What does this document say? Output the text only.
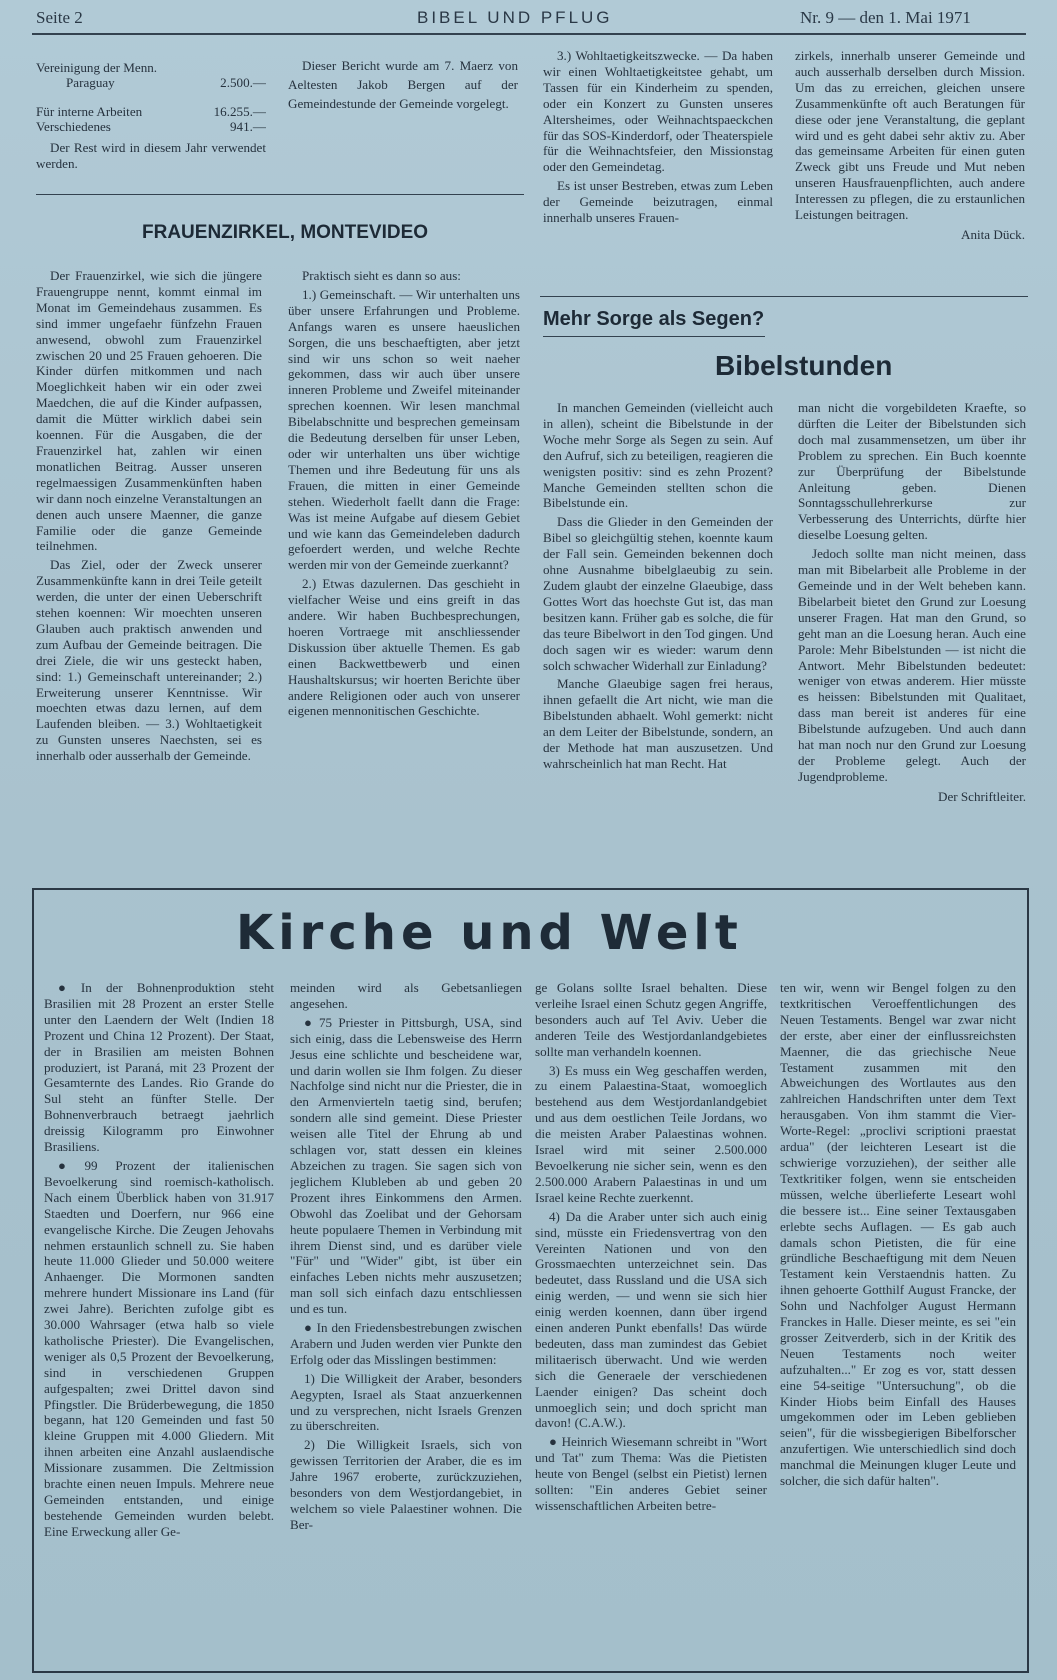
Seite 2	BIBEL UND PFLUG	Nr. 9 — den 1. Mai 1971
Vereinigung der Menn.
Paraguay	2.500.—
Für interne Arbeiten	16.255.—
Verschiedenes	941.—

Der Rest wird in diesem Jahr verwendet werden.

Dieser Bericht wurde am 7. Maerz von Aeltesten Jakob Bergen auf der Gemeindestunde der Gemeinde vorgelegt.

3.) Wohltaetigkeitszwecke. — Da haben wir einen Wohltaetigkeitstee gehabt, um Tassen für ein Kinderheim zu spenden, oder ein Konzert zu Gunsten unseres Altersheimes, oder Weihnachtspaeckchen für das SOS-Kinderdorf, oder Theaterspiele für die Weihnachtsfeier, den Missionstag oder den Gemeindetag.

Es ist unser Bestreben, etwas zum Leben der Gemeinde beizutragen, einmal innerhalb unseres Frauen-

zirkels, innerhalb unserer Gemeinde und auch ausserhalb derselben durch Mission. Um das zu erreichen, gleichen unsere Zusammenkünfte oft auch Beratungen für diese oder jene Veranstaltung, die geplant wird und es geht dabei sehr aktiv zu. Aber das gemeinsame Arbeiten für einen guten Zweck gibt uns Freude und Mut neben unseren Hausfrauenpflichten, auch andere Interessen zu pflegen, die zu erstaunlichen Leistungen beitragen.

Anita Dück.

FRAUENZIRKEL, MONTEVIDEO

Der Frauenzirkel, wie sich die jüngere Frauengruppe nennt, kommt einmal im Monat im Gemeindehaus zusammen. Es sind immer ungefaehr fünfzehn Frauen anwesend, obwohl zum Frauenzirkel zwischen 20 und 25 Frauen gehoeren. Die Kinder dürfen mitkommen und nach Moeglichkeit haben wir ein oder zwei Maedchen, die auf die Kinder aufpassen, damit die Mütter wirklich dabei sein koennen. Für die Ausgaben, die der Frauenzirkel hat, zahlen wir einen monatlichen Beitrag. Ausser unseren regelmaessigen Zusammenkünften haben wir dann noch einzelne Veranstaltungen an denen auch unsere Maenner, die ganze Familie oder die ganze Gemeinde teilnehmen.

Das Ziel, oder der Zweck unserer Zusammenkünfte kann in drei Teile geteilt werden, die unter der einen Ueberschrift stehen koennen: Wir moechten unseren Glauben auch praktisch anwenden und zum Aufbau der Gemeinde beitragen. Die drei Ziele, die wir uns gesteckt haben, sind: 1.) Gemeinschaft untereinander; 2.) Erweiterung unserer Kenntnisse. Wir moechten etwas dazu lernen, auf dem Laufenden bleiben. — 3.) Wohltaetigkeit zu Gunsten unseres Naechsten, sei es innerhalb oder ausserhalb der Gemeinde.

Praktisch sieht es dann so aus:

1.) Gemeinschaft. — Wir unterhalten uns über unsere Erfahrungen und Probleme. Anfangs waren es unsere haeuslichen Sorgen, die uns beschaeftigten, aber jetzt sind wir uns schon so weit naeher gekommen, dass wir auch über unsere inneren Probleme und Zweifel miteinander sprechen koennen. Wir lesen manchmal Bibelabschnitte und besprechen gemeinsam die Bedeutung derselben für unser Leben, oder wir unterhalten uns über wichtige Themen und ihre Bedeutung für uns als Frauen, die mitten in einer Gemeinde stehen. Wiederholt faellt dann die Frage: Was ist meine Aufgabe auf diesem Gebiet und wie kann das Gemeindeleben dadurch gefoerdert werden, und welche Rechte werden mir von der Gemeinde zuerkannt?

2.) Etwas dazulernen. Das geschieht in vielfacher Weise und eins greift in das andere. Wir haben Buchbesprechungen, hoeren Vortraege mit anschliessender Diskussion über aktuelle Themen. Es gab einen Backwettbewerb und einen Haushaltskursus; wir hoerten Berichte über andere Religionen oder auch von unserer eigenen mennonitischen Geschichte.

Mehr Sorge als Segen?
Bibelstunden

In manchen Gemeinden (vielleicht auch in allen), scheint die Bibelstunde in der Woche mehr Sorge als Segen zu sein. Auf den Aufruf, sich zu beteiligen, reagieren die wenigsten positiv: sind es zehn Prozent? Manche Gemeinden stellten schon die Bibelstunde ein.

Dass die Glieder in den Gemeinden der Bibel so gleichgültig stehen, koennte kaum der Fall sein. Gemeinden bekennen doch ohne Ausnahme bibelglaeubig zu sein. Zudem glaubt der einzelne Glaeubige, dass Gottes Wort das hoechste Gut ist, das man besitzen kann. Früher gab es solche, die für das teure Bibelwort in den Tod gingen. Und doch sagen wir es wieder: warum denn solch schwacher Widerhall zur Einladung?

Manche Glaeubige sagen frei heraus, ihnen gefaellt die Art nicht, wie man die Bibelstunden abhaelt. Wohl gemerkt: nicht an dem Leiter der Bibelstunde, sondern, an der Methode hat man auszusetzen. Und wahrscheinlich hat man Recht. Hat

man nicht die vorgebildeten Kraefte, so dürften die Leiter der Bibelstunden sich doch mal zusammensetzen, um über ihr Problem zu sprechen. Ein Buch koennte zur Überprüfung der Bibelstunde Anleitung geben. Dienen Sonntagsschullehrerkurse zur Verbesserung des Unterrichts, dürfte hier dieselbe Loesung gelten.

Jedoch sollte man nicht meinen, dass man mit Bibelarbeit alle Probleme in der Gemeinde und in der Welt beheben kann. Bibelarbeit bietet den Grund zur Loesung unserer Fragen. Hat man den Grund, so geht man an die Loesung heran. Auch eine Parole: Mehr Bibelstunden — ist nicht die Antwort. Mehr Bibelstunden bedeutet: weniger von etwas anderem. Hier müsste es heissen: Bibelstunden mit Qualitaet, dass man bereit ist anderes für eine Bibelstunde aufzugeben. Und auch dann hat man noch nur den Grund zur Loesung der Probleme gelegt. Auch der Jugendprobleme.

Der Schriftleiter.

Kirche und Welt

● In der Bohnenproduktion steht Brasilien mit 28 Prozent an erster Stelle unter den Laendern der Welt (Indien 18 Prozent und China 12 Prozent). Der Staat, der in Brasilien am meisten Bohnen produziert, ist Paraná, mit 23 Prozent der Gesamternte des Landes. Rio Grande do Sul steht an fünfter Stelle. Der Bohnenverbrauch betraegt jaehrlich dreissig Kilogramm pro Einwohner Brasiliens.

● 99 Prozent der italienischen Bevoelkerung sind roemisch-katholisch. Nach einem Überblick haben von 31.917 Staedten und Doerfern, nur 966 eine evangelische Kirche. Die Zeugen Jehovahs nehmen erstaunlich schnell zu. Sie haben heute 11.000 Glieder und 50.000 weitere Anhaenger. Die Mormonen sandten mehrere hundert Missionare ins Land (für zwei Jahre). Berichten zufolge gibt es 30.000 Wahrsager (etwa halb so viele katholische Priester). Die Evangelischen, weniger als 0,5 Prozent der Bevoelkerung, sind in verschiedenen Gruppen aufgespalten; zwei Drittel davon sind Pfingstler. Die Brüderbewegung, die 1850 begann, hat 120 Gemeinden und fast 50 kleine Gruppen mit 4.000 Gliedern. Mit ihnen arbeiten eine Anzahl auslaendische Missionare zusammen. Die Zeltmission brachte einen neuen Impuls. Mehrere neue Gemeinden entstanden, und einige bestehende Gemeinden wurden belebt. Eine Erweckung aller Ge-

meinden wird als Gebetsanliegen angesehen.

● 75 Priester in Pittsburgh, USA, sind sich einig, dass die Lebensweise des Herrn Jesus eine schlichte und bescheidene war, und darin wollen sie Ihm folgen. Zu dieser Nachfolge sind nicht nur die Priester, die in den Armenvierteln taetig sind, berufen; sondern alle sind gemeint. Diese Priester weisen alle Titel der Ehrung ab und schlagen vor, statt dessen ein kleines Abzeichen zu tragen. Sie sagen sich von jeglichem Klubleben ab und geben 20 Prozent ihres Einkommens den Armen. Obwohl das Zoelibat und der Gehorsam heute populaere Themen in Verbindung mit ihrem Dienst sind, und es darüber viele "Für" und "Wider" gibt, ist über ein einfaches Leben nichts mehr auszusetzen; man soll sich einfach dazu entschliessen und es tun.

● In den Friedensbestrebungen zwischen Arabern und Juden werden vier Punkte den Erfolg oder das Misslingen bestimmen:

1) Die Willigkeit der Araber, besonders Aegypten, Israel als Staat anzuerkennen und zu versprechen, nicht Israels Grenzen zu überschreiten.

2) Die Willigkeit Israels, sich von gewissen Territorien der Araber, die es im Jahre 1967 eroberte, zurückzuziehen, besonders von dem Westjordangebiet, in welchem so viele Palaestiner wohnen. Die Ber-

ge Golans sollte Israel behalten. Diese verleihe Israel einen Schutz gegen Angriffe, besonders auch auf Tel Aviv. Ueber die anderen Teile des Westjordanlandgebietes sollte man verhandeln koennen.

3) Es muss ein Weg geschaffen werden, zu einem Palaestina-Staat, womoeglich bestehend aus dem Westjordanlandgebiet und aus dem oestlichen Teile Jordans, wo die meisten Araber Palaestinas wohnen. Israel wird mit seiner 2.500.000 Bevoelkerung nie sicher sein, wenn es den 2.500.000 Arabern Palaestinas in und um Israel keine Rechte zuerkennt.

4) Da die Araber unter sich auch einig sind, müsste ein Friedensvertrag von den Vereinten Nationen und von den Grossmaechten unterzeichnet sein. Das bedeutet, dass Russland und die USA sich einig werden, — und wenn sie sich hier einig werden koennen, dann über irgend einen anderen Punkt ebenfalls! Das würde bedeuten, dass man zumindest das Gebiet militaerisch überwacht. Und wie werden sich die Generaele der verschiedenen Laender einigen? Das scheint doch unmoeglich sein; und doch spricht man davon! (C.A.W.).

● Heinrich Wiesemann schreibt in "Wort und Tat" zum Thema: Was die Pietisten heute von Bengel (selbst ein Pietist) lernen sollten: "Ein anderes Gebiet seiner wissenschaftlichen Arbeiten betre-

ten wir, wenn wir Bengel folgen zu den textkritischen Veroeffentlichungen des Neuen Testaments. Bengel war zwar nicht der erste, aber einer der einflussreichsten Maenner, die das griechische Neue Testament zusammen mit den Abweichungen des Wortlautes aus den zahlreichen Handschriften unter dem Text herausgaben. Von ihm stammt die Vier-Worte-Regel: „proclivi scriptioni praestat ardua" (der leichteren Leseart ist die schwierige vorzuziehen), der seither alle Textkritiker folgen, wenn sie entscheiden müssen, welche überlieferte Leseart wohl die bessere ist... Eine seiner Textausgaben erlebte sechs Auflagen. — Es gab auch damals schon Pietisten, die für eine gründliche Beschaeftigung mit dem Neuen Testament kein Verstaendnis hatten. Zu ihnen gehoerte Gotthilf August Francke, der Sohn und Nachfolger August Hermann Franckes in Halle. Dieser meinte, es sei "ein grosser Zeitverderb, sich in der Kritik des Neuen Testaments noch weiter aufzuhalten..." Er zog es vor, statt dessen eine 54-seitige "Untersuchung", ob die Kinder Hiobs beim Einfall des Hauses umgekommen oder im Leben geblieben seien", für die wissbegierigen Bibelforscher anzufertigen. Wie unterschiedlich sind doch manchmal die Meinungen kluger Leute und solcher, die sich dafür halten".
